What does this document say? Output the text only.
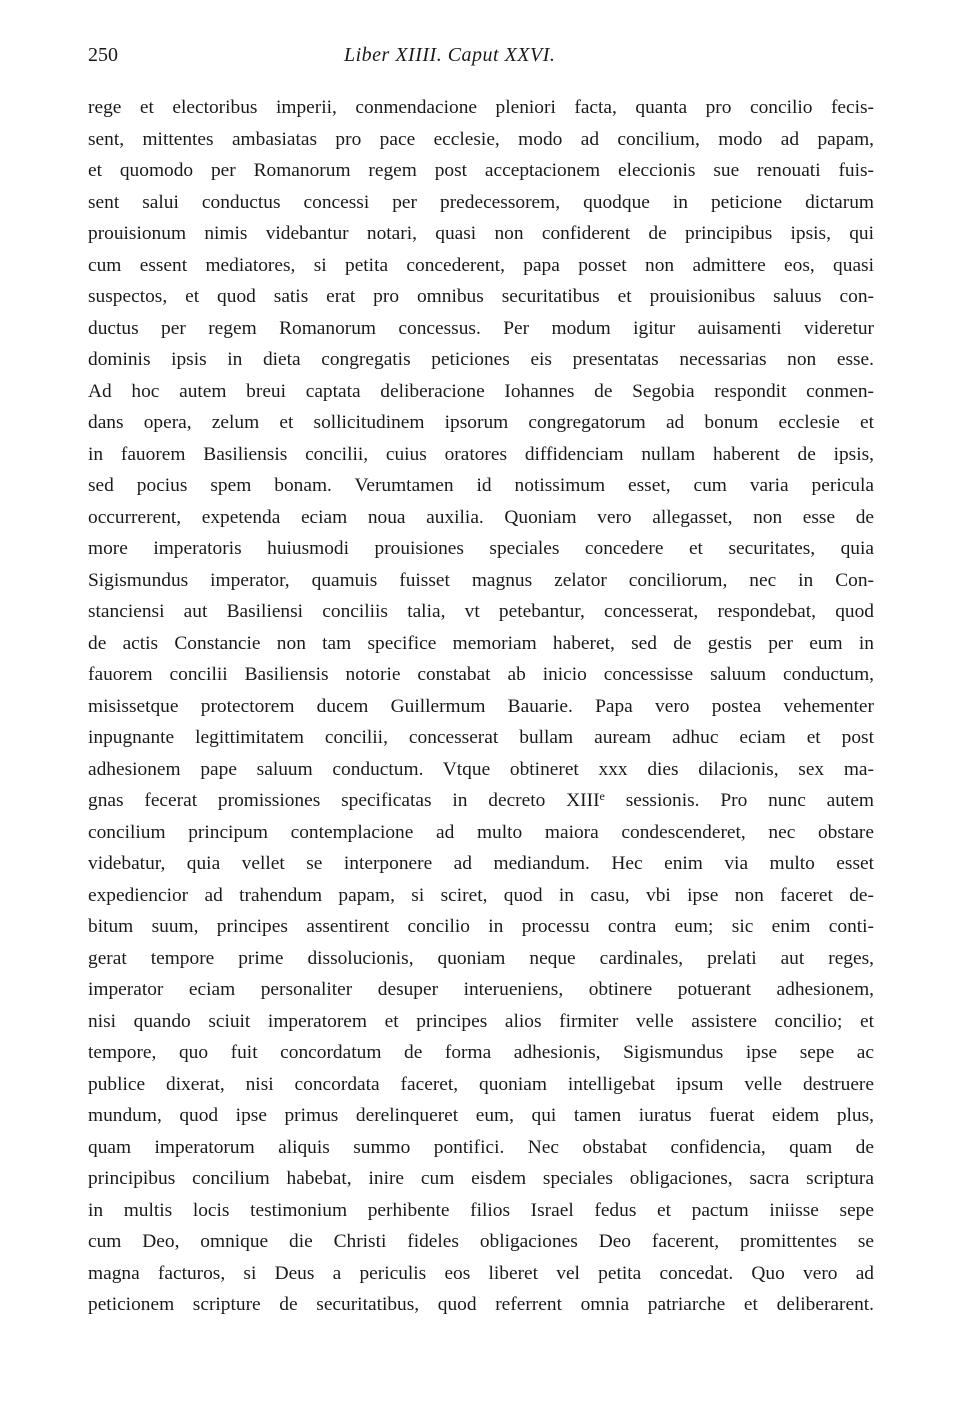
250	Liber XIIII. Caput XXVI.
rege et electoribus imperii, conmendacione pleniori facta, quanta pro concilio fecis-
sent, mittentes ambasiatas pro pace ecclesie, modo ad concilium, modo ad papam,
et quomodo per Romanorum regem post acceptacionem eleccionis sue renouati fuis-
sent salui conductus concessi per predecessorem, quodque in peticione dictarum
prouisionum nimis videbantur notari, quasi non confiderent de principibus ipsis, qui
cum essent mediatores, si petita concederent, papa posset non admittere eos, quasi
suspectos, et quod satis erat pro omnibus securitatibus et prouisionibus saluus con-
ductus per regem Romanorum concessus. Per modum igitur auisamenti videretur
dominis ipsis in dieta congregatis peticiones eis presentatas necessarias non esse.
Ad hoc autem breui captata deliberacione Iohannes de Segobia respondit conmen-
dans opera, zelum et sollicitudinem ipsorum congregatorum ad bonum ecclesie et
in fauorem Basiliensis concilii, cuius oratores diffidenciam nullam haberent de ipsis,
sed pocius spem bonam. Verumtamen id notissimum esset, cum varia pericula
occurrerent, expetenda eciam noua auxilia. Quoniam vero allegasset, non esse de
more imperatoris huiusmodi prouisiones speciales concedere et securitates, quia
Sigismundus imperator, quamuis fuisset magnus zelator conciliorum, nec in Con-
stanciensi aut Basiliensi conciliis talia, vt petebantur, concesserat, respondebat, quod
de actis Constancie non tam specifice memoriam haberet, sed de gestis per eum in
fauorem concilii Basiliensis notorie constabat ab inicio concessisse saluum conductum,
misissetque protectorem ducem Guillermum Bauarie. Papa vero postea vehementer
inpugnante legittimitatem concilii, concesserat bullam auream adhuc eciam et post
adhesionem pape saluum conductum. Vtque obtineret xxx dies dilacionis, sex ma-
gnas fecerat promissiones specificatas in decreto XIIIe sessionis. Pro nunc autem
concilium principum contemplacione ad multo maiora condescenderet, nec obstare
videbatur, quia vellet se interponere ad mediandum. Hec enim via multo esset
expediencior ad trahendum papam, si sciret, quod in casu, vbi ipse non faceret de-
bitum suum, principes assentirent concilio in processu contra eum; sic enim conti-
gerat tempore prime dissolucionis, quoniam neque cardinales, prelati aut reges,
imperator eciam personaliter desuper interueniens, obtinere potuerant adhesionem,
nisi quando sciuit imperatorem et principes alios firmiter velle assistere concilio; et
tempore, quo fuit concordatum de forma adhesionis, Sigismundus ipse sepe ac
publice dixerat, nisi concordata faceret, quoniam intelligebat ipsum velle destruere
mundum, quod ipse primus derelinqueret eum, qui tamen iuratus fuerat eidem plus,
quam imperatorum aliquis summo pontifici. Nec obstabat confidencia, quam de
principibus concilium habebat, inire cum eisdem speciales obligaciones, sacra scriptura
in multis locis testimonium perhibente filios Israel fedus et pactum iniisse sepe
cum Deo, omnique die Christi fideles obligaciones Deo facerent, promittentes se
magna facturos, si Deus a periculis eos liberet vel petita concedat. Quo vero ad
peticionem scripture de securitatibus, quod referrent omnia patriarche et deliberarent.
